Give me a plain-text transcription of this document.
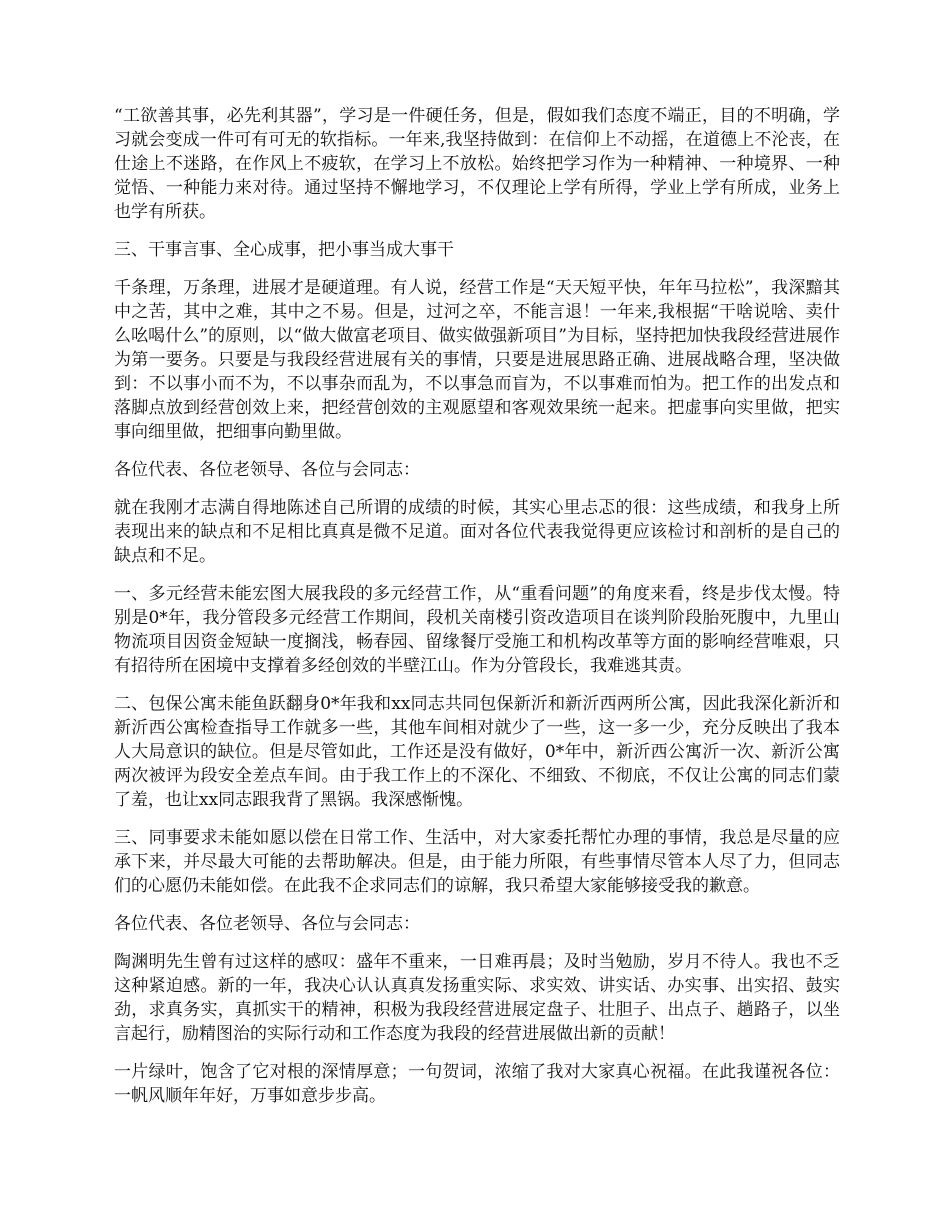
“工欲善其事，必先利其器”，学习是一件硬任务，但是，假如我们态度不端正，目的不明确，学习就会变成一件可有可无的软指标。一年来,我坚持做到：在信仰上不动摇，在道德上不沦丧，在仕途上不迷路，在作风上不疲软，在学习上不放松。始终把学习作为一种精神、一种境界、一种觉悟、一种能力来对待。通过坚持不懈地学习，不仅理论上学有所得，学业上学有所成，业务上也学有所获。

三、干事言事、全心成事，把小事当成大事干

千条理，万条理，进展才是硬道理。有人说，经营工作是“天天短平快，年年马拉松”，我深黯其中之苦，其中之难，其中之不易。但是，过河之卒，不能言退！一年来,我根据“干啥说啥、卖什么吆喝什么”的原则，以“做大做富老项目、做实做强新项目”为目标，坚持把加快我段经营进展作为第一要务。只要是与我段经营进展有关的事情，只要是进展思路正确、进展战略合理，坚决做到：不以事小而不为，不以事杂而乱为，不以事急而盲为，不以事难而怕为。把工作的出发点和落脚点放到经营创效上来，把经营创效的主观愿望和客观效果统一起来。把虚事向实里做，把实事向细里做，把细事向勤里做。

各位代表、各位老领导、各位与会同志：

就在我刚才志满自得地陈述自己所谓的成绩的时候，其实心里忐忑的很：这些成绩，和我身上所表现出来的缺点和不足相比真真是微不足道。面对各位代表我觉得更应该检讨和剖析的是自己的缺点和不足。

一、多元经营未能宏图大展我段的多元经营工作，从“重看问题”的角度来看，终是步伐太慢。特别是0*年，我分管段多元经营工作期间，段机关南楼引资改造项目在谈判阶段胎死腹中，九里山物流项目因资金短缺一度搁浅，畅春园、留缘餐厅受施工和机构改革等方面的影响经营唯艰，只有招待所在困境中支撑着多经创效的半壁江山。作为分管段长，我难逃其责。

二、包保公寓未能鱼跃翻身0*年我和xx同志共同包保新沂和新沂西两所公寓，因此我深化新沂和新沂西公寓检查指导工作就多一些，其他车间相对就少了一些，这一多一少，充分反映出了我本人大局意识的缺位。但是尽管如此，工作还是没有做好，0*年中，新沂西公寓沂一次、新沂公寓两次被评为段安全差点车间。由于我工作上的不深化、不细致、不彻底，不仅让公寓的同志们蒙了羞，也让xx同志跟我背了黑锅。我深感惭愧。

三、同事要求未能如愿以偿在日常工作、生活中，对大家委托帮忙办理的事情，我总是尽量的应承下来，并尽最大可能的去帮助解决。但是，由于能力所限，有些事情尽管本人尽了力，但同志们的心愿仍未能如偿。在此我不企求同志们的谅解，我只希望大家能够接受我的歉意。

各位代表、各位老领导、各位与会同志：

陶渊明先生曾有过这样的感叹：盛年不重来，一日难再晨；及时当勉励，岁月不待人。我也不乏这种紧迫感。新的一年，我决心认认真真发扬重实际、求实效、讲实话、办实事、出实招、鼓实劲，求真务实，真抓实干的精神，积极为我段经营进展定盘子、壮胆子、出点子、趟路子，以坐言起行，励精图治的实际行动和工作态度为我段的经营进展做出新的贡献！

一片绿叶，饱含了它对根的深情厚意；一句贺词，浓缩了我对大家真心祝福。在此我谨祝各位：一帆风顺年年好，万事如意步步高。
